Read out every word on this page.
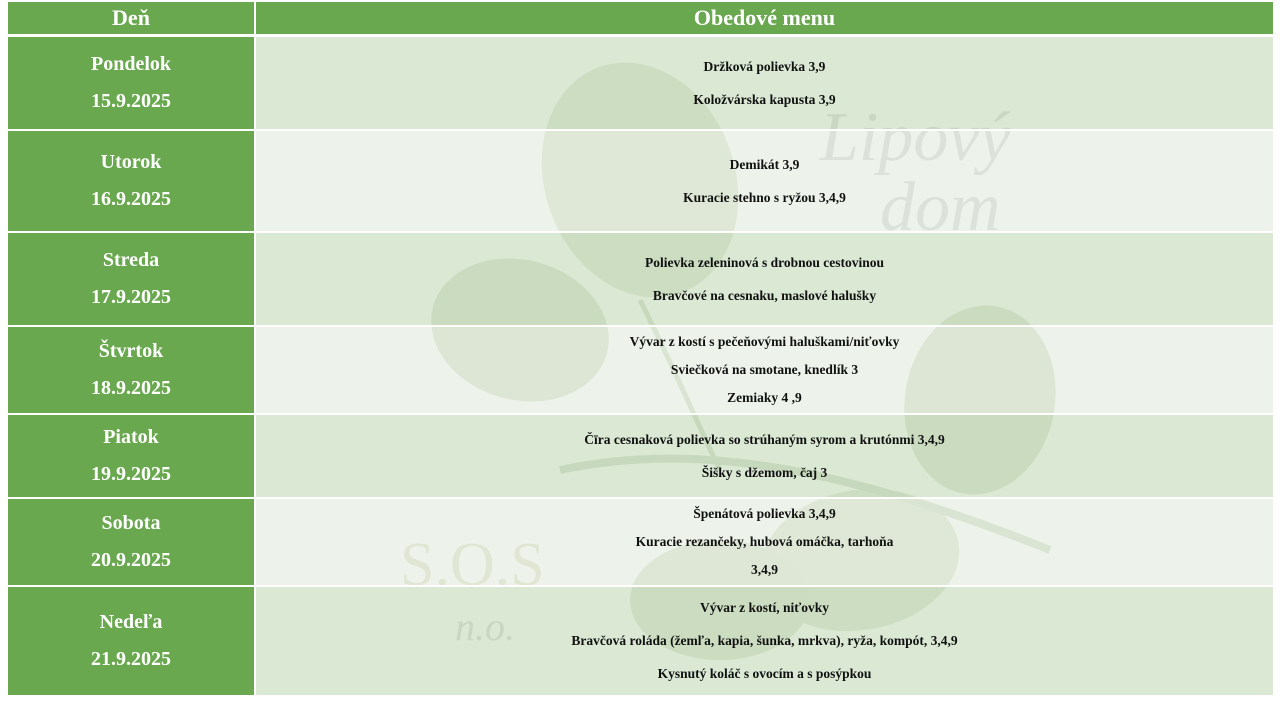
Deň	Obedové menu

Pondelok
15.9.2025	Držková polievka 3,9
Koložvárska kapusta 3,9

Utorok
16.9.2025	Demikát 3,9
Kuracie stehno s ryžou 3,4,9

Streda
17.9.2025	Polievka zeleninová s drobnou cestovinou
Bravčové na cesnaku, maslové halušky

Štvrtok
18.9.2025	Vývar z kostí s pečeňovými haluškami/niťovky
Sviečková na smotane, knedlík 3
Zemiaky 4 ,9

Piatok
19.9.2025	Čīra cesnaková polievka so strúhaným syrom a krutónmi 3,4,9
Šišky s džemom, čaj 3

Sobota
20.9.2025	Špenátová polievka 3,4,9
Kuracie rezančeky, hubová omáčka, tarhoňa
3,4,9

Nedeľa
21.9.2025	Vývar z kostí, niťovky
Bravčová roláda (žemľa, kapia, šunka, mrkva), ryža, kompót, 3,4,9
Kysnutý koláč s ovocím a s posýpkou
